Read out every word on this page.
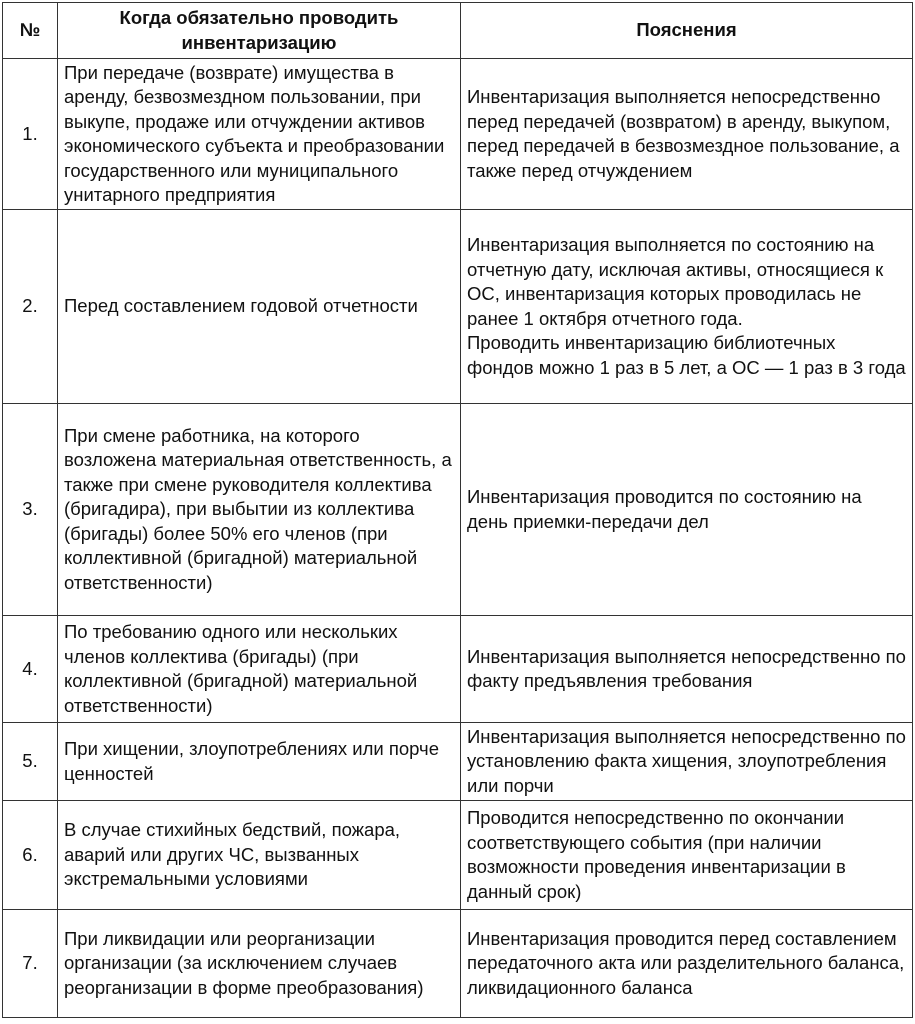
№	Когда обязательно проводить инвентаризацию	Пояснения
1.	При передаче (возврате) имущества в аренду, безвозмездном пользовании, при выкупе, продаже или отчуждении активов экономического субъекта и преобразовании государственного или муниципального унитарного предприятия	Инвентаризация выполняется непосредственно перед передачей (возвратом) в аренду, выкупом, перед передачей в безвозмездное пользование, а также перед отчуждением
2.	Перед составлением годовой отчетности	Инвентаризация выполняется по состоянию на отчетную дату, исключая активы, относящиеся к ОС, инвентаризация которых проводилась не ранее 1 октября отчетного года.
Проводить инвентаризацию библиотечных фондов можно 1 раз в 5 лет, а ОС — 1 раз в 3 года
3.	При смене работника, на которого возложена материальная ответственность, а также при смене руководителя коллектива (бригадира), при выбытии из коллектива (бригады) более 50% его членов (при коллективной (бригадной) материальной ответственности)	Инвентаризация проводится по состоянию на день приемки-передачи дел
4.	По требованию одного или нескольких членов коллектива (бригады) (при коллективной (бригадной) материальной ответственности)	Инвентаризация выполняется непосредственно по факту предъявления требования
5.	При хищении, злоупотреблениях или порче ценностей	Инвентаризация выполняется непосредственно по установлению факта хищения, злоупотребления или порчи
6.	В случае стихийных бедствий, пожара, аварий или других ЧС, вызванных экстремальными условиями	Проводится непосредственно по окончании соответствующего события (при наличии возможности проведения инвентаризации в данный срок)
7.	При ликвидации или реорганизации организации (за исключением случаев реорганизации в форме преобразования)	Инвентаризация проводится перед составлением передаточного акта или разделительного баланса, ликвидационного баланса
